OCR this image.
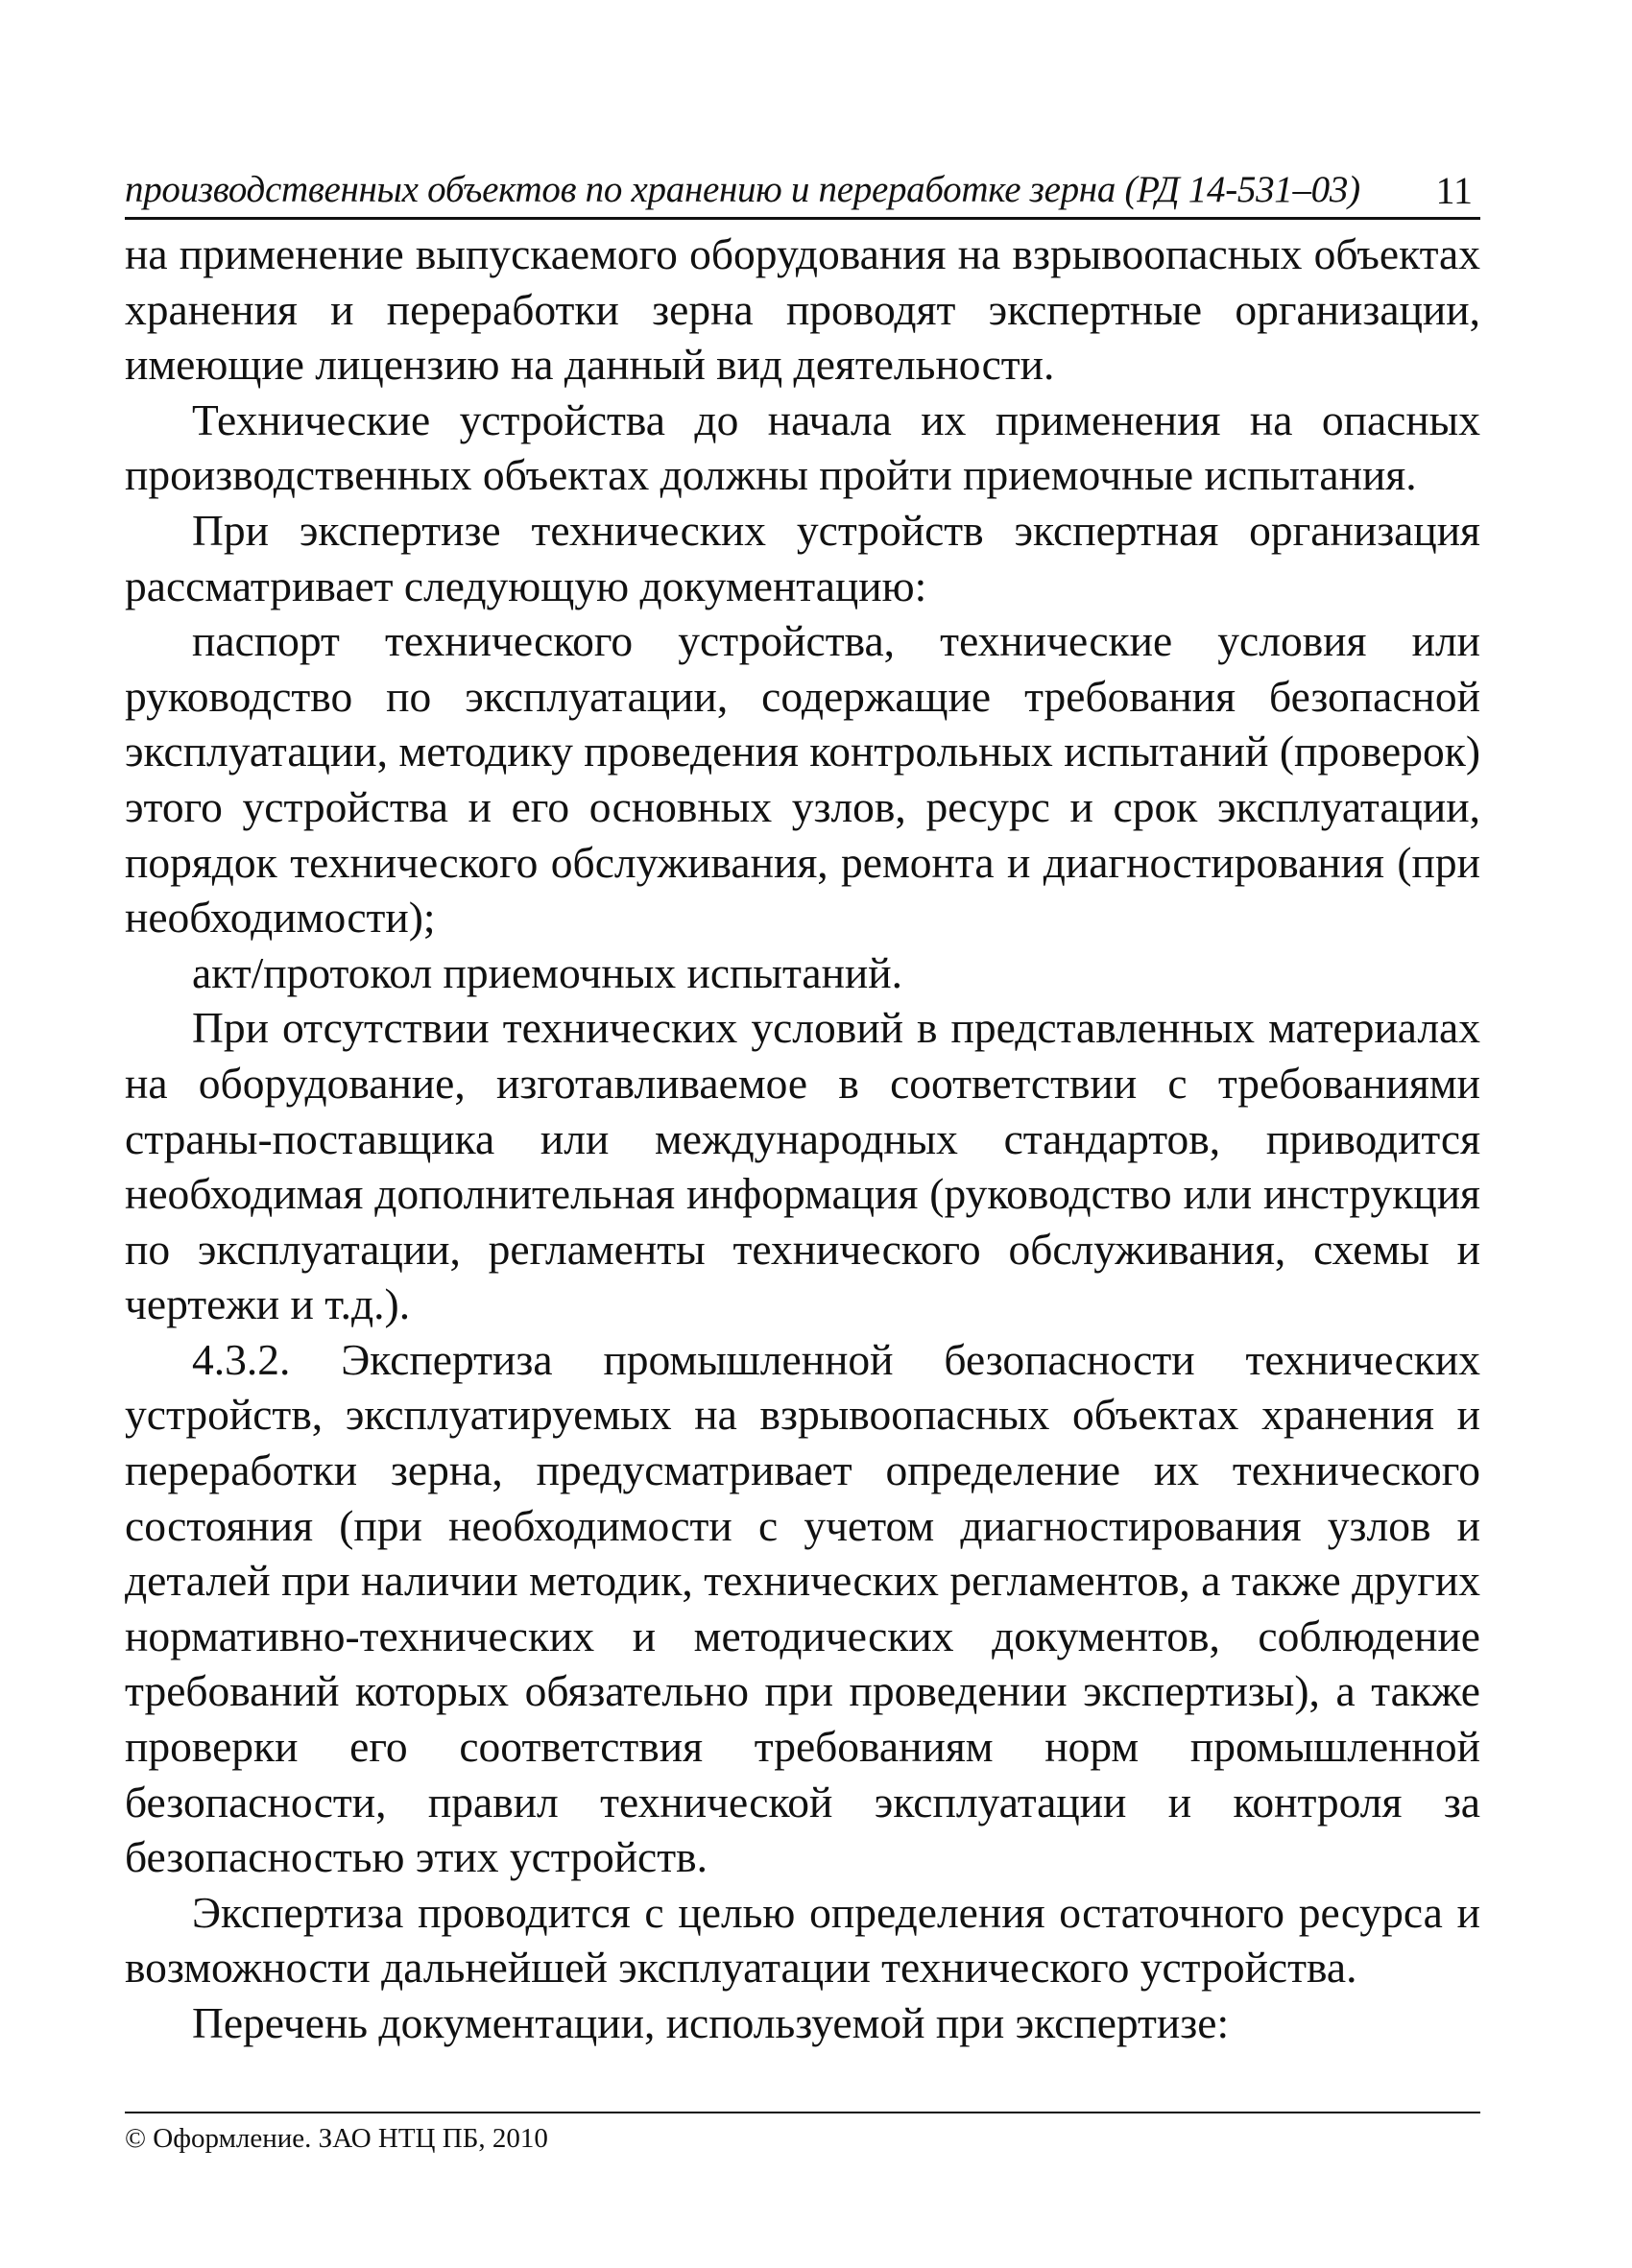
производственных объектов по хранению и переработке зерна (РД 14-531–03) 11

на применение выпускаемого оборудования на взрывоопасных объектах хранения и переработки зерна проводят экспертные организации, имеющие лицензию на данный вид деятельности.

Технические устройства до начала их применения на опасных производственных объектах должны пройти приемочные испытания.

При экспертизе технических устройств экспертная организация рассматривает следующую документацию:

паспорт технического устройства, технические условия или руководство по эксплуатации, содержащие требования безопасной эксплуатации, методику проведения контрольных испытаний (проверок) этого устройства и его основных узлов, ресурс и срок эксплуатации, порядок технического обслуживания, ремонта и диагностирования (при необходимости);

акт/протокол приемочных испытаний.

При отсутствии технических условий в представленных материалах на оборудование, изготавливаемое в соответствии с требованиями страны-поставщика или международных стандартов, приводится необходимая дополнительная информация (руководство или инструкция по эксплуатации, регламенты технического обслуживания, схемы и чертежи и т.д.).

4.3.2. Экспертиза промышленной безопасности технических устройств, эксплуатируемых на взрывоопасных объектах хранения и переработки зерна, предусматривает определение их технического состояния (при необходимости с учетом диагностирования узлов и деталей при наличии методик, технических регламентов, а также других нормативно-технических и методических документов, соблюдение требований которых обязательно при проведении экспертизы), а также проверки его соответствия требованиям норм промышленной безопасности, правил технической эксплуатации и контроля за безопасностью этих устройств.

Экспертиза проводится с целью определения остаточного ресурса и возможности дальнейшей эксплуатации технического устройства.

Перечень документации, используемой при экспертизе:

© Оформление. ЗАО НТЦ ПБ, 2010
